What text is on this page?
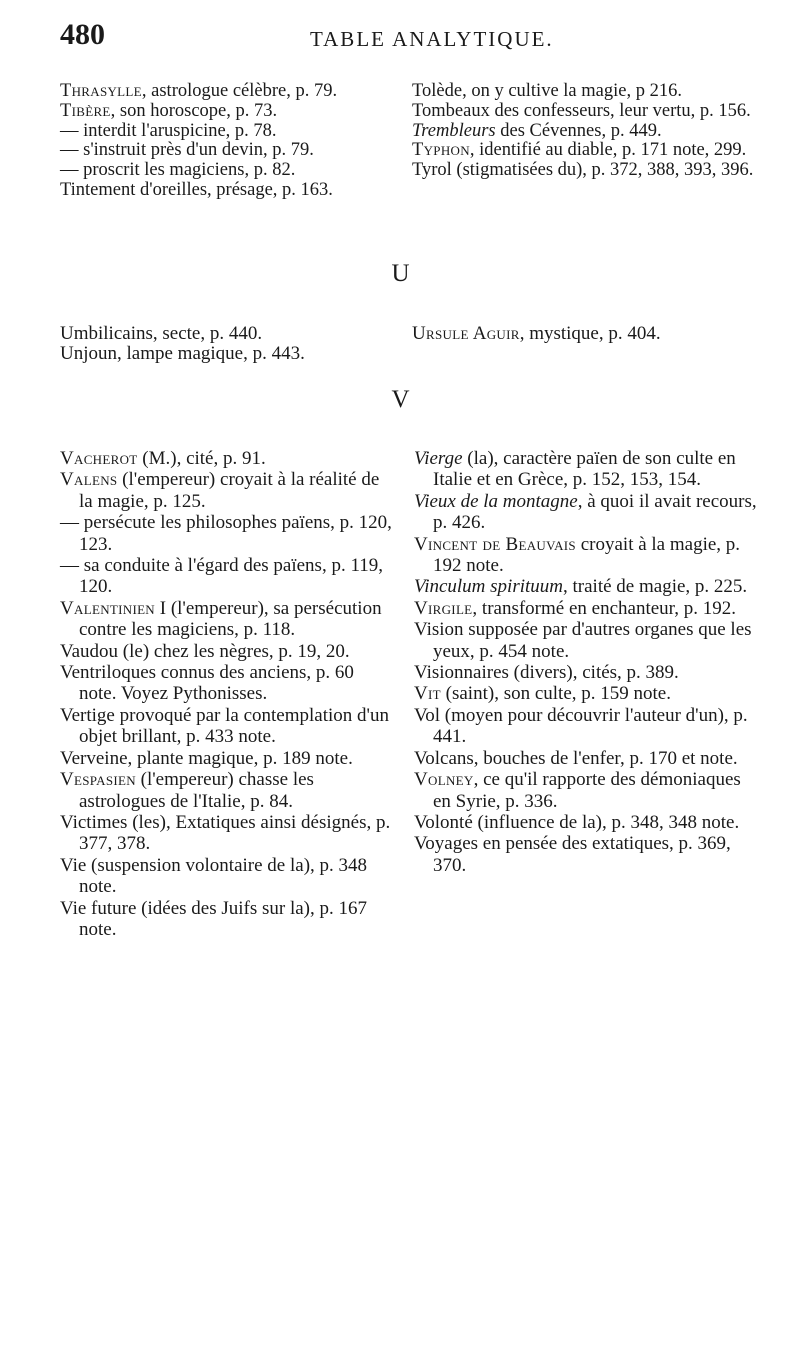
480	TABLE ANALYTIQUE.

Thrasylle, astrologue célèbre, p. 79.

Tibère, son horoscope, p. 73.

— interdit l'aruspicine, p. 78.

— s'instruit près d'un devin, p. 79.

— proscrit les magiciens, p. 82.

Tintement d'oreilles, présage, p. 163.

Tolède, on y cultive la magie, p 216.

Tombeaux des confesseurs, leur vertu, p. 156.

Trembleurs des Cévennes, p. 449.

Typhon, identifié au diable, p. 171 note, 299.

Tyrol (stigmatisées du), p. 372, 388, 393, 396.

U

Umbilicains, secte, p. 440.

Unjoun, lampe magique, p. 443.

Ursule Aguir, mystique, p. 404.

V

Vacherot (M.), cité, p. 91.

Valens (l'empereur) croyait à la réalité de la magie, p. 125.

— persécute les philosophes païens, p. 120, 123.

— sa conduite à l'égard des païens, p. 119, 120.

Valentinien I (l'empereur), sa persécution contre les magiciens, p. 118.

Vaudou (le) chez les nègres, p. 19, 20.

Ventriloques connus des anciens, p. 60 note. Voyez Pythonisses.

Vertige provoqué par la contemplation d'un objet brillant, p. 433 note.

Verveine, plante magique, p. 189 note.

Vespasien (l'empereur) chasse les astrologues de l'Italie, p. 84.

Victimes (les), Extatiques ainsi désignés, p. 377, 378.

Vie (suspension volontaire de la), p. 348 note.

Vie future (idées des Juifs sur la), p. 167 note.

Vierge (la), caractère païen de son culte en Italie et en Grèce, p. 152, 153, 154.

Vieux de la montagne, à quoi il avait recours, p. 426.

Vincent de Beauvais croyait à la magie, p. 192 note.

Vinculum spirituum, traité de magie, p. 225.

Virgile, transformé en enchanteur, p. 192.

Vision supposée par d'autres organes que les yeux, p. 454 note.

Visionnaires (divers), cités, p. 389.

Vit (saint), son culte, p. 159 note.

Vol (moyen pour découvrir l'auteur d'un), p. 441.

Volcans, bouches de l'enfer, p. 170 et note.

Volney, ce qu'il rapporte des démoniaques en Syrie, p. 336.

Volonté (influence de la), p. 348, 348 note.

Voyages en pensée des extatiques, p. 369, 370.
